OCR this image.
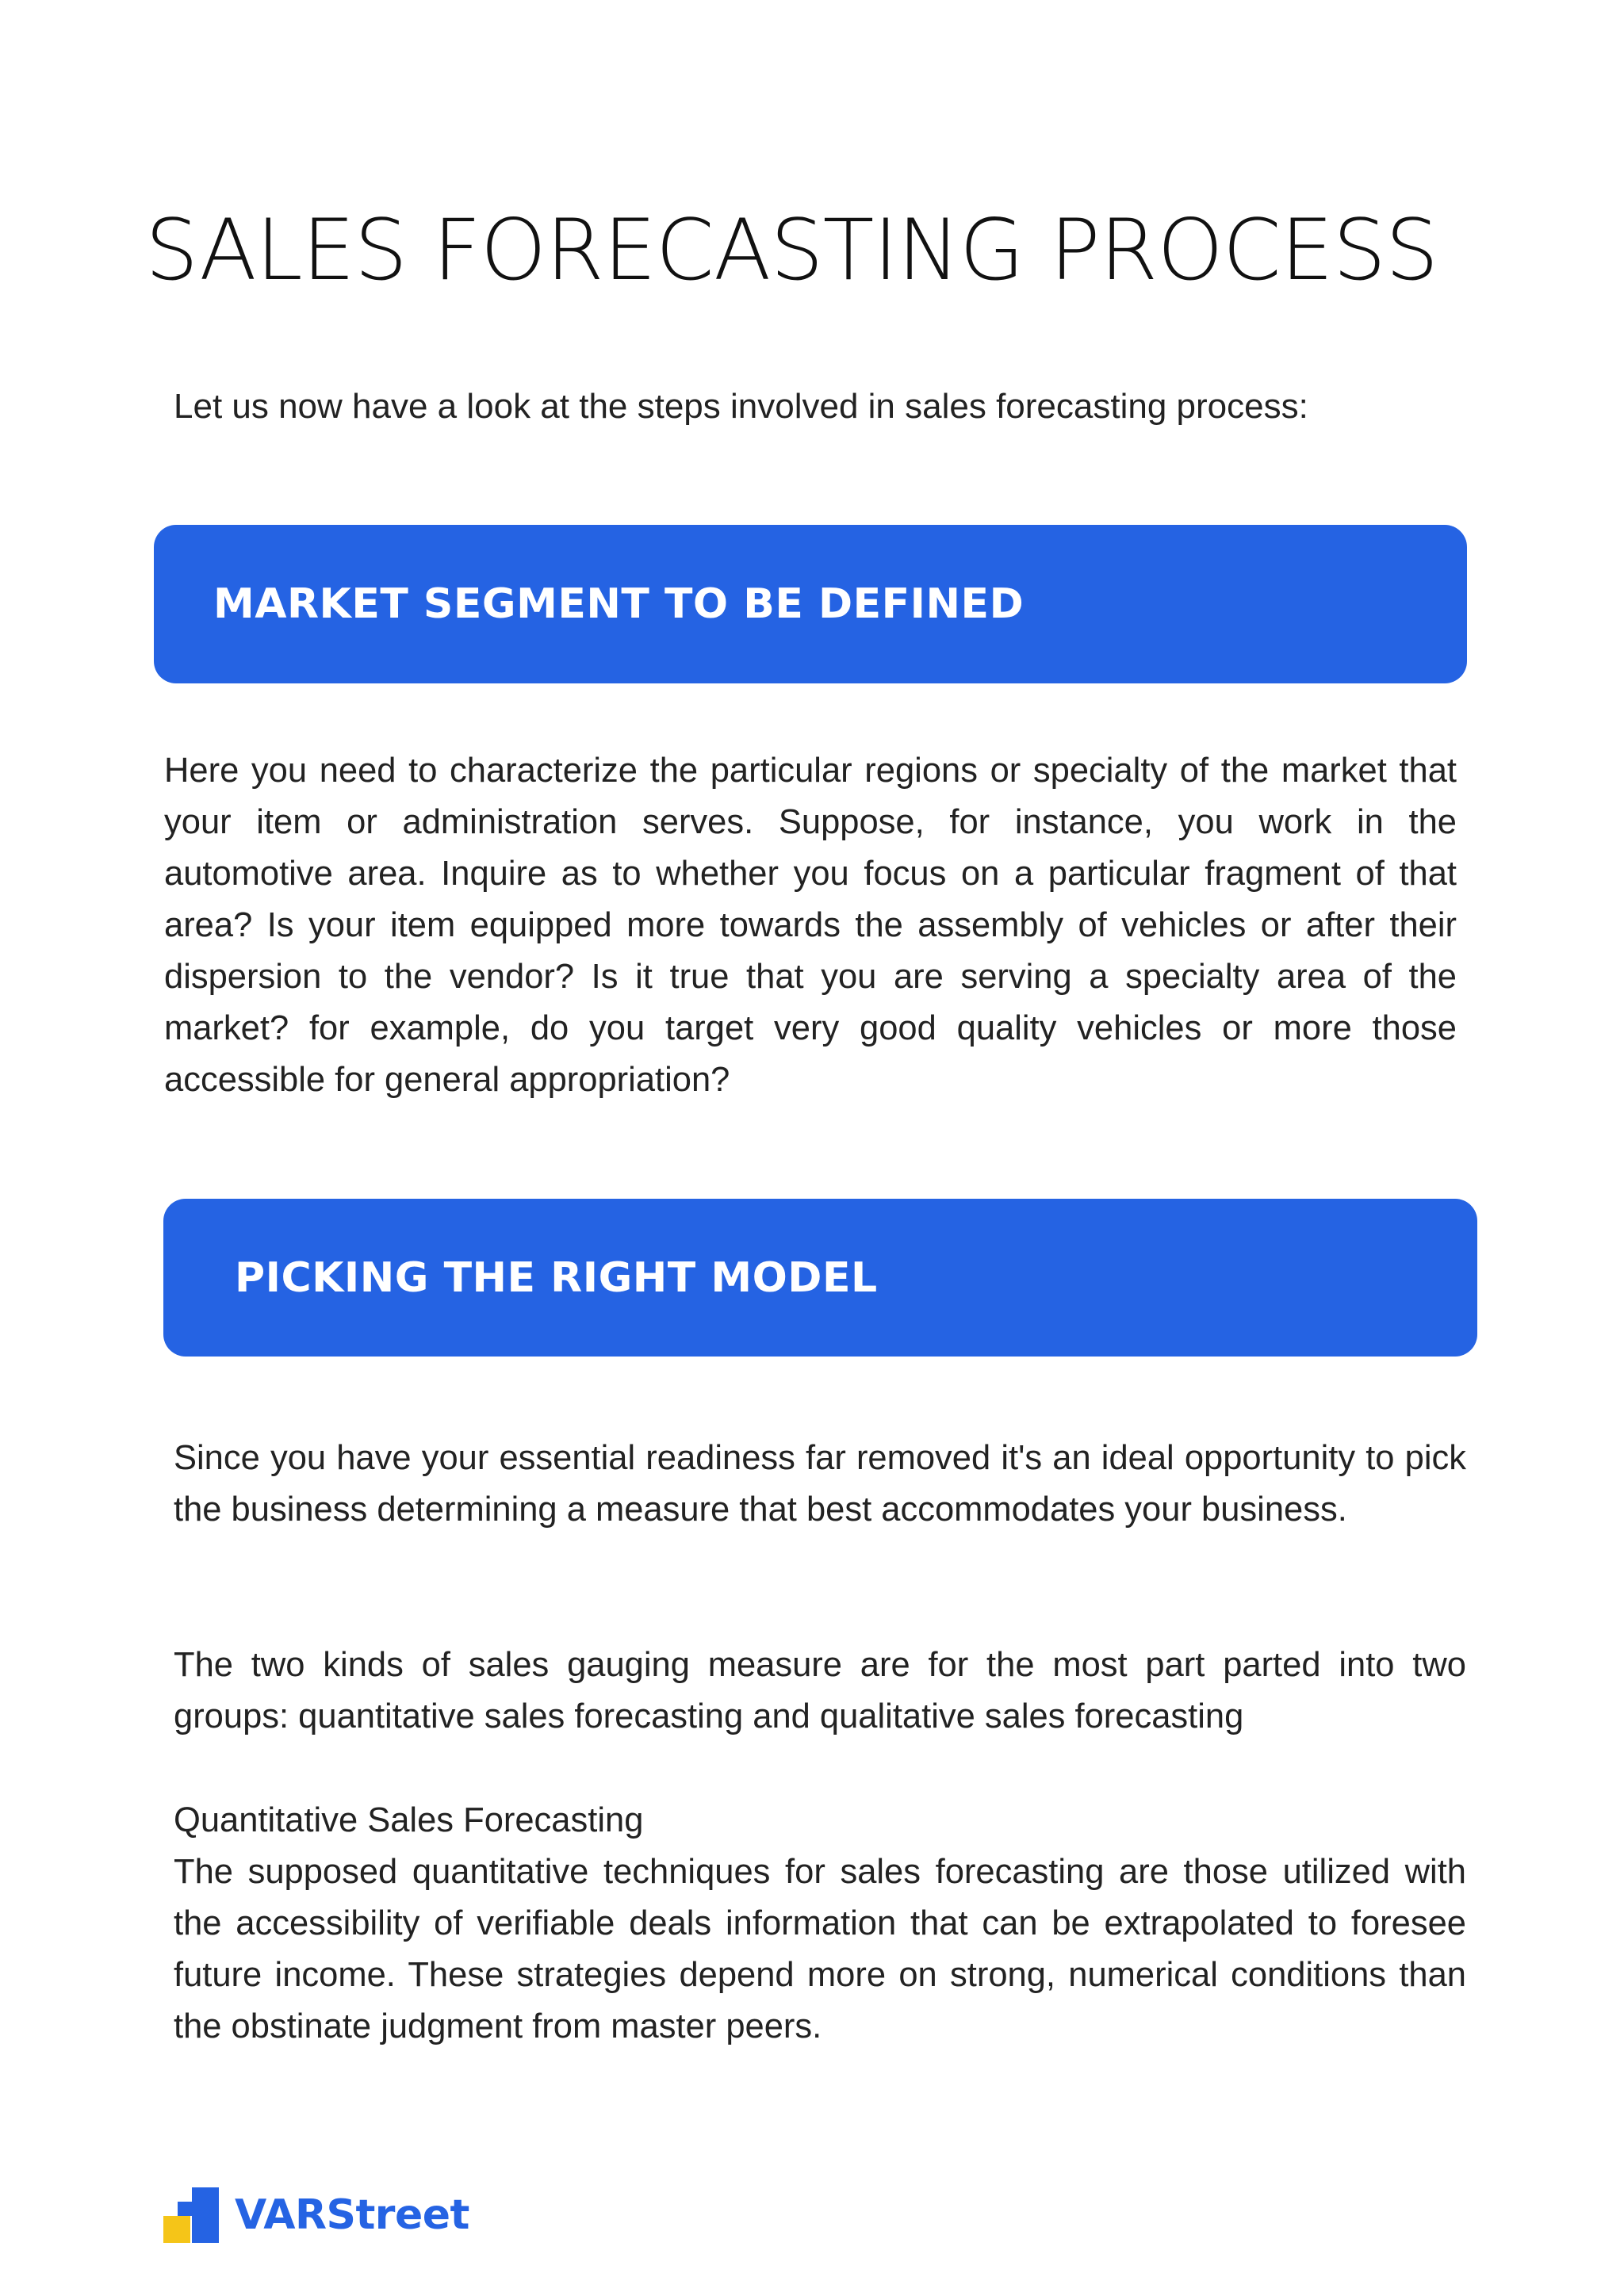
SALES FORECASTING PROCESS

Let us now have a look at the steps involved in sales forecasting process:

MARKET SEGMENT TO BE DEFINED

Here you need to characterize the particular regions or specialty of the market that your item or administration serves. Suppose, for instance, you work in the automotive area. Inquire as to whether you focus on a particular fragment of that area? Is your item equipped more towards the assembly of vehicles or after their dispersion to the vendor? Is it true that you are serving a specialty area of the market? for example, do you target very good quality vehicles or more those accessible for general appropriation?

PICKING THE RIGHT MODEL

Since you have your essential readiness far removed it's an ideal opportunity to pick the business determining a measure that best accommodates your business.

The two kinds of sales gauging measure are for the most part parted into two groups: quantitative sales forecasting and qualitative sales forecasting

Quantitative Sales Forecasting

The supposed quantitative techniques for sales forecasting are those utilized with the accessibility of verifiable deals information that can be extrapolated to foresee future income. These strategies depend more on strong, numerical conditions than the obstinate judgment from master peers.

VARStreet
